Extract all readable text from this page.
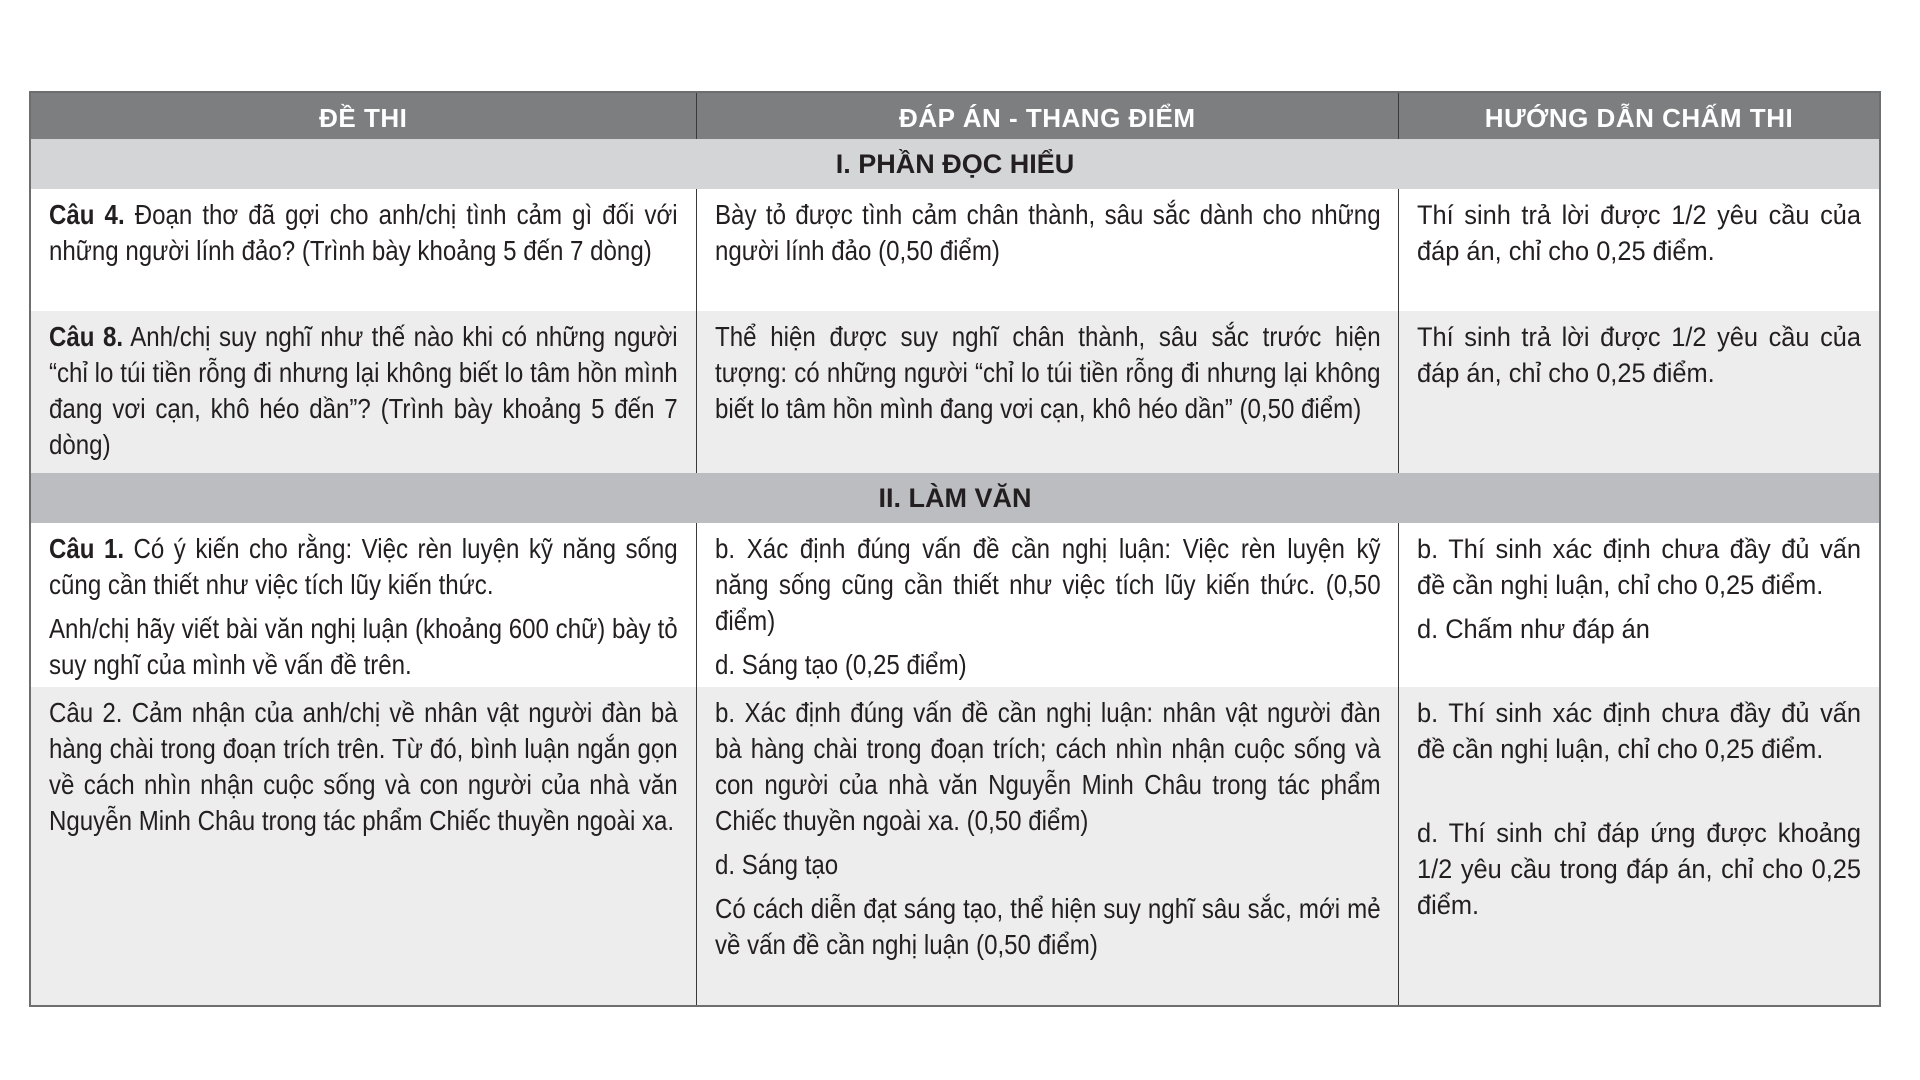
ĐỀ THI	ĐÁP ÁN - THANG ĐIỂM	HƯỚNG DẪN CHẤM THI
I. PHẦN ĐỌC HIỂU

Câu 4. Đoạn thơ đã gợi cho anh/chị tình cảm gì đối với những người lính đảo? (Trình bày khoảng 5 đến 7 dòng)

Bày tỏ được tình cảm chân thành, sâu sắc dành cho những người lính đảo (0,50 điểm)

Thí sinh trả lời được 1/2 yêu cầu của đáp án, chỉ cho 0,25 điểm.

Câu 8. Anh/chị suy nghĩ như thế nào khi có những người “chỉ lo túi tiền rỗng đi nhưng lại không biết lo tâm hồn mình đang vơi cạn, khô héo dần”? (Trình bày khoảng 5 đến 7 dòng)

Thể hiện được suy nghĩ chân thành, sâu sắc trước hiện tượng: có những người “chỉ lo túi tiền rỗng đi nhưng lại không biết lo tâm hồn mình đang vơi cạn, khô héo dần” (0,50 điểm)

Thí sinh trả lời được 1/2 yêu cầu của đáp án, chỉ cho 0,25 điểm.

II. LÀM VĂN

Câu 1. Có ý kiến cho rằng: Việc rèn luyện kỹ năng sống cũng cần thiết như việc tích lũy kiến thức.

Anh/chị hãy viết bài văn nghị luận (khoảng 600 chữ) bày tỏ suy nghĩ của mình về vấn đề trên.

b. Xác định đúng vấn đề cần nghị luận: Việc rèn luyện kỹ năng sống cũng cần thiết như việc tích lũy kiến thức. (0,50 điểm)

d. Sáng tạo (0,25 điểm)

b. Thí sinh xác định chưa đầy đủ vấn đề cần nghị luận, chỉ cho 0,25 điểm.

d. Chấm như đáp án

Câu 2. Cảm nhận của anh/chị về nhân vật người đàn bà hàng chài trong đoạn trích trên. Từ đó, bình luận ngắn gọn về cách nhìn nhận cuộc sống và con người của nhà văn Nguyễn Minh Châu trong tác phẩm Chiếc thuyền ngoài xa.

b. Xác định đúng vấn đề cần nghị luận: nhân vật người đàn bà hàng chài trong đoạn trích; cách nhìn nhận cuộc sống và con người của nhà văn Nguyễn Minh Châu trong tác phẩm Chiếc thuyền ngoài xa. (0,50 điểm)

d. Sáng tạo

Có cách diễn đạt sáng tạo, thể hiện suy nghĩ sâu sắc, mới mẻ về vấn đề cần nghị luận (0,50 điểm)

b. Thí sinh xác định chưa đầy đủ vấn đề cần nghị luận, chỉ cho 0,25 điểm.

d. Thí sinh chỉ đáp ứng được khoảng 1/2 yêu cầu trong đáp án, chỉ cho 0,25 điểm.
